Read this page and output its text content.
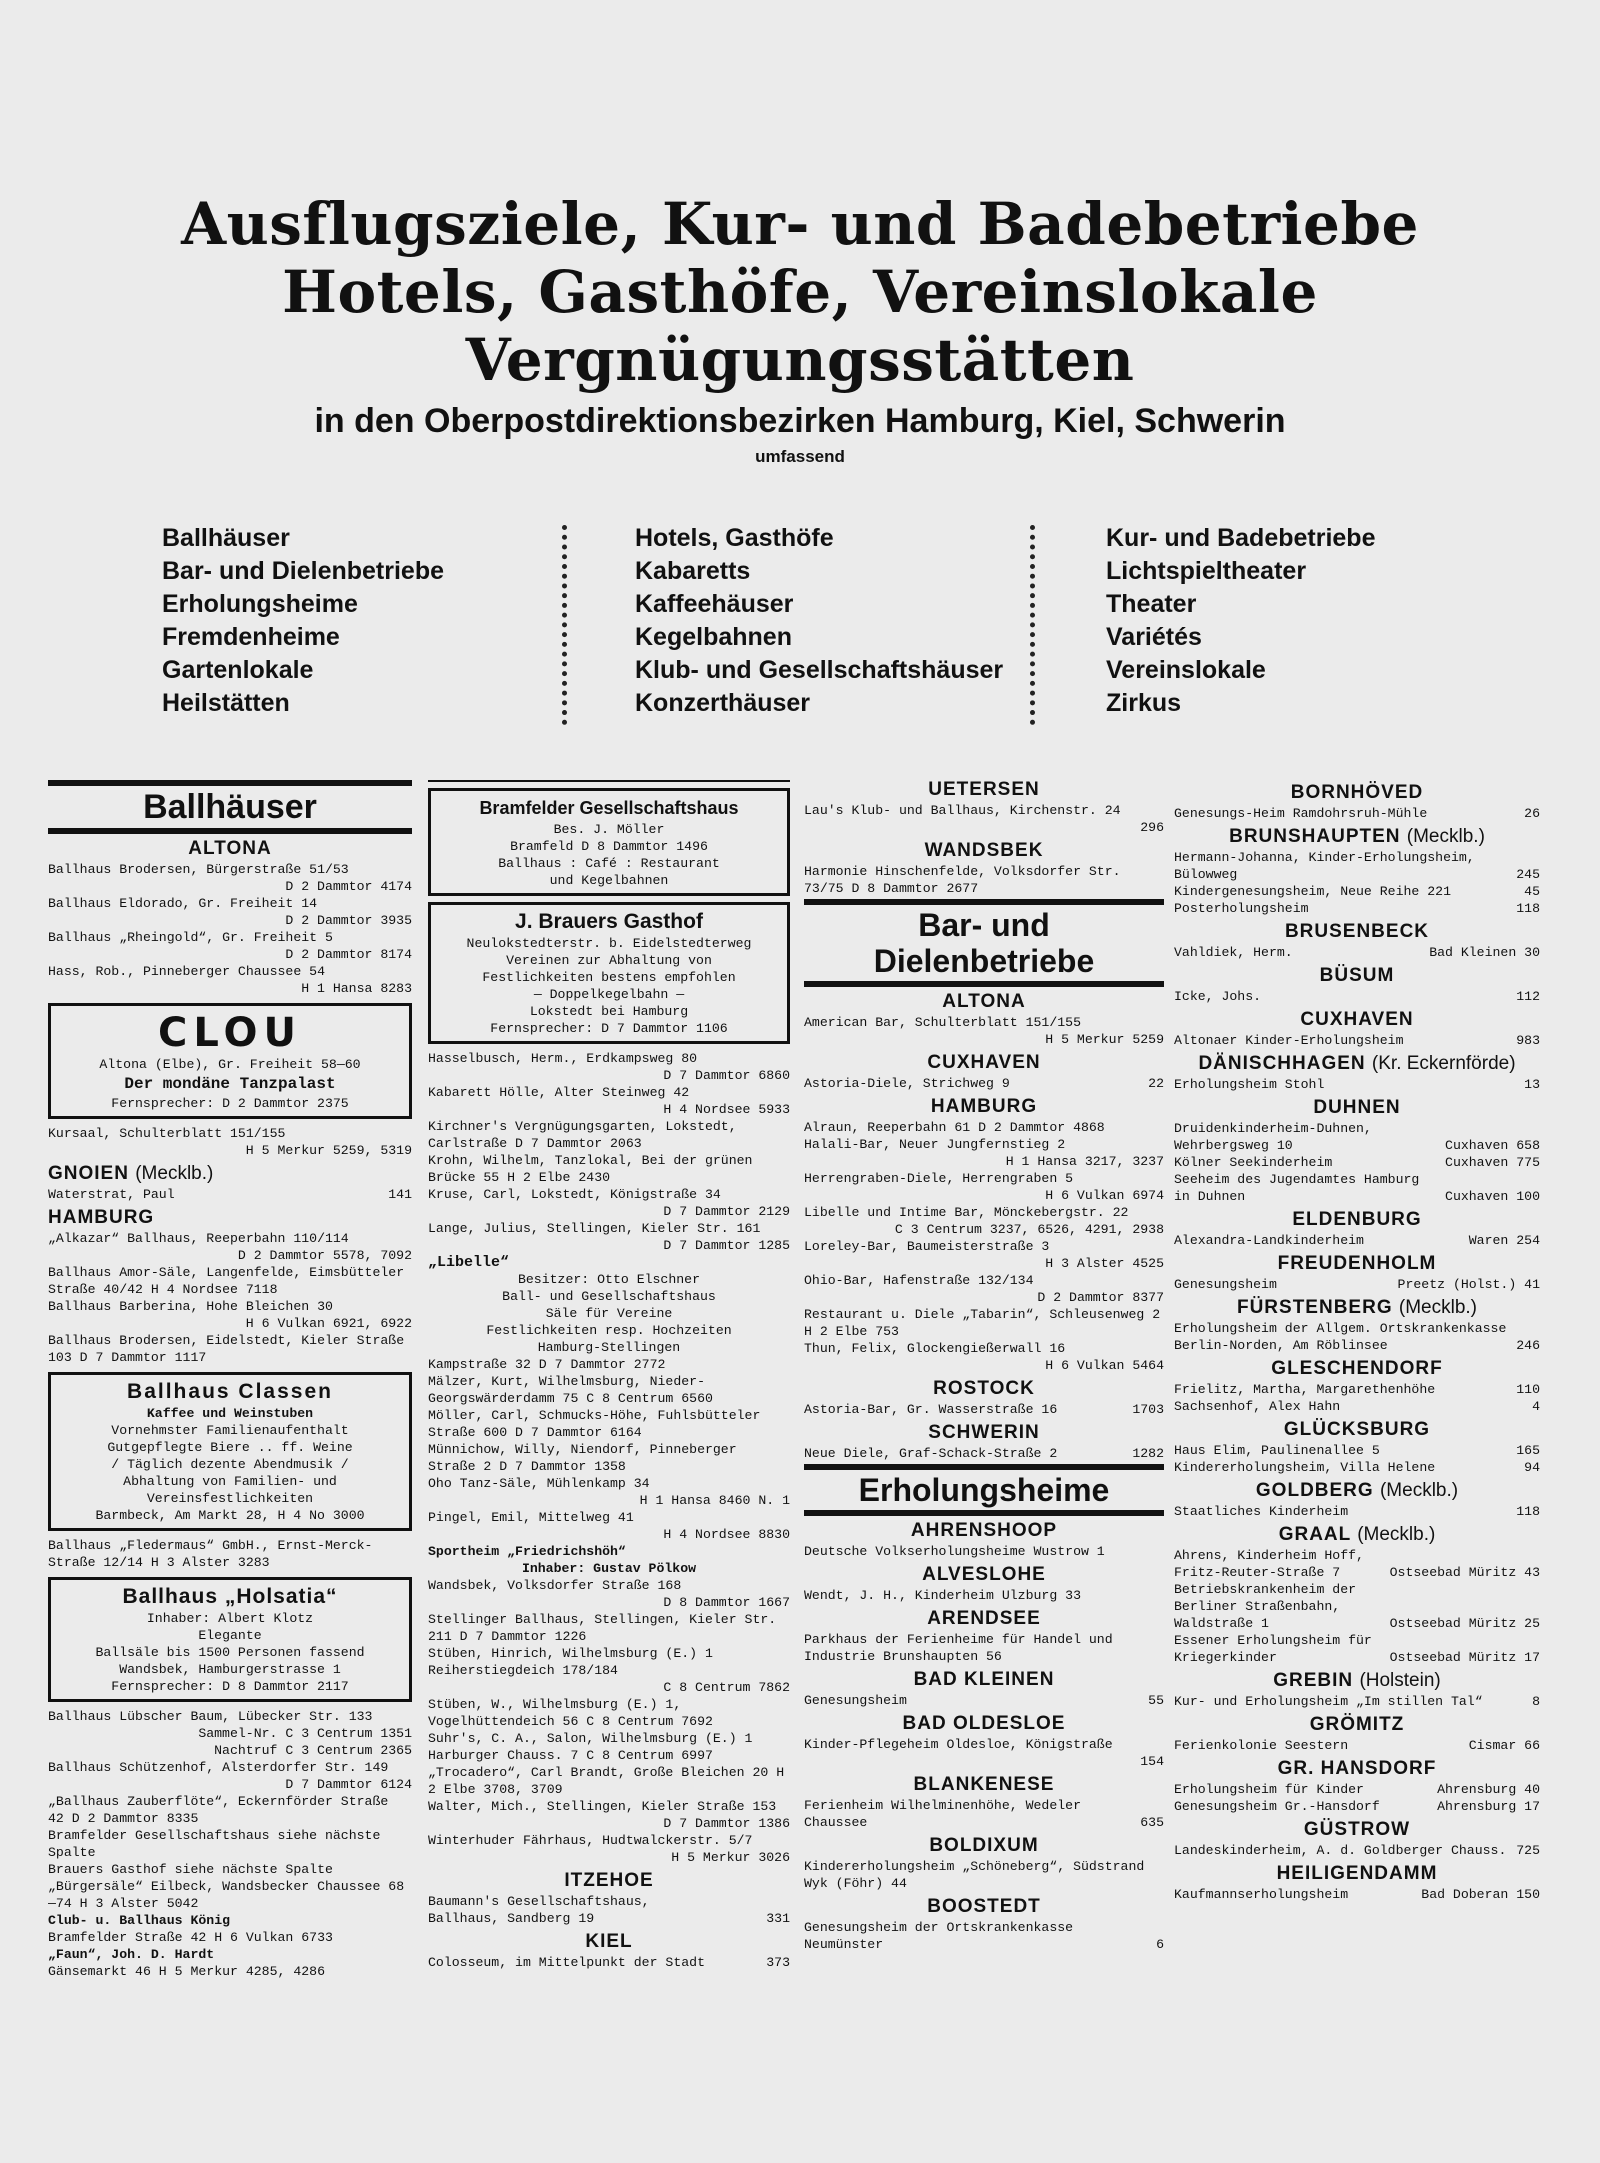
Ausflugsziele, Kur- und Badebetriebe
Hotels, Gasthöfe, Vereinslokale
Vergnügungsstätten
in den Oberpostdirektionsbezirken Hamburg, Kiel, Schwerin
umfassend
Ballhäuser
Bar- und Dielenbetriebe
Erholungsheime
Fremdenheime
Gartenlokale
Heilstätten
Hotels, Gasthöfe
Kabaretts
Kaffeehäuser
Kegelbahnen
Klub- und Gesellschaftshäuser
Konzerthäuser
Kur- und Badebetriebe
Lichtspieltheater
Theater
Variétés
Vereinslokale
Zirkus
Ballhäuser
ALTONA
Ballhaus Brodersen, Bürgerstraße 51/53
D 2 Dammtor 4174
Ballhaus Eldorado, Gr. Freiheit 14
D 2 Dammtor 3935
Ballhaus „Rheingold“, Gr. Freiheit 5
D 2 Dammtor 8174
Hass, Rob., Pinneberger Chaussee 54
H 1 Hansa 8283
CLOU
Altona (Elbe), Gr. Freiheit 58—60
Der mondäne Tanzpalast
Fernsprecher: D 2 Dammtor 2375
Kursaal, Schulterblatt 151/155
H 5 Merkur 5259, 5319
GNOIEN (Mecklb.)
Waterstrat, Paul	141
HAMBURG
„Alkazar“ Ballhaus, Reeperbahn 110/114
D 2 Dammtor 5578, 7092
Ballhaus Amor-Säle, Langenfelde, Eimsbütteler Straße 40/42 H 4 Nordsee 7118
Ballhaus Barberina, Hohe Bleichen 30
H 6 Vulkan 6921, 6922
Ballhaus Brodersen, Eidelstedt, Kieler Straße 103 D 7 Dammtor 1117
Ballhaus Classen
Kaffee und Weinstuben
Vornehmster Familienaufenthalt
Gutgepflegte Biere .. ff. Weine
/ Täglich dezente Abendmusik /
Abhaltung von Familien- und
Vereinsfestlichkeiten
Barmbeck, Am Markt 28, H 4 No 3000
Ballhaus „Fledermaus“ GmbH., Ernst-Merck-Straße 12/14 H 3 Alster 3283
Ballhaus „Holsatia“
Inhaber: Albert Klotz
Elegante
Ballsäle bis 1500 Personen fassend
Wandsbek, Hamburgerstrasse 1
Fernsprecher: D 8 Dammtor 2117
Ballhaus Lübscher Baum, Lübecker Str. 133
Sammel-Nr. C 3 Centrum 1351
Nachtruf C 3 Centrum 2365
Ballhaus Schützenhof, Alsterdorfer Str. 149
D 7 Dammtor 6124
„Ballhaus Zauberflöte“, Eckernförder Straße 42 D 2 Dammtor 8335
Bramfelder Gesellschaftshaus siehe nächste Spalte
Brauers Gasthof siehe nächste Spalte
„Bürgersäle“ Eilbeck, Wandsbecker Chaussee 68—74 H 3 Alster 5042
Club- u. Ballhaus König
Bramfelder Straße 42 H 6 Vulkan 6733
„Faun“, Joh. D. Hardt
Gänsemarkt 46 H 5 Merkur 4285, 4286
Bramfelder Gesellschaftshaus
Bes. J. Möller
Bramfeld D 8 Dammtor 1496
Ballhaus : Café : Restaurant
und Kegelbahnen
J. Brauers Gasthof
Neulokstedterstr. b. Eidelstedterweg
Vereinen zur Abhaltung von
Festlichkeiten bestens empfohlen
— Doppelkegelbahn —
Lokstedt bei Hamburg
Fernsprecher: D 7 Dammtor 1106
Hasselbusch, Herm., Erdkampsweg 80
D 7 Dammtor 6860
Kabarett Hölle, Alter Steinweg 42
H 4 Nordsee 5933
Kirchner's Vergnügungsgarten, Lokstedt, Carlstraße D 7 Dammtor 2063
Krohn, Wilhelm, Tanzlokal, Bei der grünen Brücke 55 H 2 Elbe 2430
Kruse, Carl, Lokstedt, Königstraße 34
D 7 Dammtor 2129
Lange, Julius, Stellingen, Kieler Str. 161
D 7 Dammtor 1285
„Libelle“
Besitzer: Otto Elschner
Ball- und Gesellschaftshaus
Säle für Vereine
Festlichkeiten resp. Hochzeiten
Hamburg-Stellingen
Kampstraße 32 D 7 Dammtor 2772
Mälzer, Kurt, Wilhelmsburg, Nieder-Georgswärderdamm 75 C 8 Centrum 6560
Möller, Carl, Schmucks-Höhe, Fuhlsbütteler Straße 600 D 7 Dammtor 6164
Münnichow, Willy, Niendorf, Pinneberger Straße 2 D 7 Dammtor 1358
Oho Tanz-Säle, Mühlenkamp 34
H 1 Hansa 8460 N. 1
Pingel, Emil, Mittelweg 41
H 4 Nordsee 8830
Sportheim „Friedrichshöh“
Inhaber: Gustav Pölkow
Wandsbek, Volksdorfer Straße 168
D 8 Dammtor 1667
Stellinger Ballhaus, Stellingen, Kieler Str. 211 D 7 Dammtor 1226
Stüben, Hinrich, Wilhelmsburg (E.) 1 Reiherstiegdeich 178/184
C 8 Centrum 7862
Stüben, W., Wilhelmsburg (E.) 1, Vogelhüttendeich 56 C 8 Centrum 7692
Suhr's, C. A., Salon, Wilhelmsburg (E.) 1 Harburger Chauss. 7 C 8 Centrum 6997
„Trocadero“, Carl Brandt, Große Bleichen 20 H 2 Elbe 3708, 3709
Walter, Mich., Stellingen, Kieler Straße 153
D 7 Dammtor 1386
Winterhuder Fährhaus, Hudtwalckerstr. 5/7
H 5 Merkur 3026
ITZEHOE
Baumann's Gesellschaftshaus, Ballhaus, Sandberg 19	331
KIEL
Colosseum, im Mittelpunkt der Stadt	373
UETERSEN
Lau's Klub- und Ballhaus, Kirchenstr. 24
296
WANDSBEK
Harmonie Hinschenfelde, Volksdorfer Str. 73/75 D 8 Dammtor 2677
Bar- und Dielenbetriebe
ALTONA
American Bar, Schulterblatt 151/155
H 5 Merkur 5259
CUXHAVEN
Astoria-Diele, Strichweg 9	22
HAMBURG
Alraun, Reeperbahn 61 D 2 Dammtor 4868
Halali-Bar, Neuer Jungfernstieg 2
H 1 Hansa 3217, 3237
Herrengraben-Diele, Herrengraben 5
H 6 Vulkan 6974
Libelle und Intime Bar, Mönckebergstr. 22
C 3 Centrum 3237, 6526, 4291, 2938
Loreley-Bar, Baumeisterstraße 3
H 3 Alster 4525
Ohio-Bar, Hafenstraße 132/134
D 2 Dammtor 8377
Restaurant u. Diele „Tabarin“, Schleusenweg 2 H 2 Elbe 753
Thun, Felix, Glockengießerwall 16
H 6 Vulkan 5464
ROSTOCK
Astoria-Bar, Gr. Wasserstraße 16	1703
SCHWERIN
Neue Diele, Graf-Schack-Straße 2	1282
Erholungsheime
AHRENSHOOP
Deutsche Volkserholungsheime Wustrow 1
ALVESLOHE
Wendt, J. H., Kinderheim Ulzburg 33
ARENDSEE
Parkhaus der Ferienheime für Handel und Industrie Brunshaupten 56
BAD KLEINEN
Genesungsheim	55
BAD OLDESLOE
Kinder-Pflegeheim Oldesloe, Königstraße
154
BLANKENESE
Ferienheim Wilhelminenhöhe, Wedeler Chaussee	635
BOLDIXUM
Kindererholungsheim „Schöneberg“, Südstrand Wyk (Föhr) 44
BOOSTEDT
Genesungsheim der Ortskrankenkasse Neumünster	6
BORNHÖVED
Genesungs-Heim Ramdohrsruh-Mühle	26
BRUNSHAUPTEN (Mecklb.)
Hermann-Johanna, Kinder-Erholungsheim, Bülowweg	245
Kindergenesungsheim, Neue Reihe 221	45
Posterholungsheim	118
BRUSENBECK
Vahldiek, Herm.	Bad Kleinen 30
BÜSUM
Icke, Johs.	112
CUXHAVEN
Altonaer Kinder-Erholungsheim	983
DÄNISCHHAGEN (Kr. Eckernförde)
Erholungsheim Stohl	13
DUHNEN
Druidenkinderheim-Duhnen, Wehrbergsweg 10	Cuxhaven 658
Kölner Seekinderheim	Cuxhaven 775
Seeheim des Jugendamtes Hamburg in Duhnen	Cuxhaven 100
ELDENBURG
Alexandra-Landkinderheim	Waren 254
FREUDENHOLM
Genesungsheim	Preetz (Holst.) 41
FÜRSTENBERG (Mecklb.)
Erholungsheim der Allgem. Ortskrankenkasse Berlin-Norden, Am Röblinsee	246
GLESCHENDORF
Frielitz, Martha, Margarethenhöhe	110
Sachsenhof, Alex Hahn	4
GLÜCKSBURG
Haus Elim, Paulinenallee 5	165
Kindererholungsheim, Villa Helene	94
GOLDBERG (Mecklb.)
Staatliches Kinderheim	118
GRAAL (Mecklb.)
Ahrens, Kinderheim Hoff, Fritz-Reuter-Straße 7	Ostseebad Müritz 43
Betriebskrankenheim der Berliner Straßenbahn, Waldstraße 1	Ostseebad Müritz 25
Essener Erholungsheim für Kriegerkinder	Ostseebad Müritz 17
GREBIN (Holstein)
Kur- und Erholungsheim „Im stillen Tal“	8
GRÖMITZ
Ferienkolonie Seestern	Cismar 66
GR. HANSDORF
Erholungsheim für Kinder	Ahrensburg 40
Genesungsheim Gr.-Hansdorf	Ahrensburg 17
GÜSTROW
Landeskinderheim, A. d. Goldberger Chauss. 725
HEILIGENDAMM
Kaufmannserholungsheim	Bad Doberan 150
